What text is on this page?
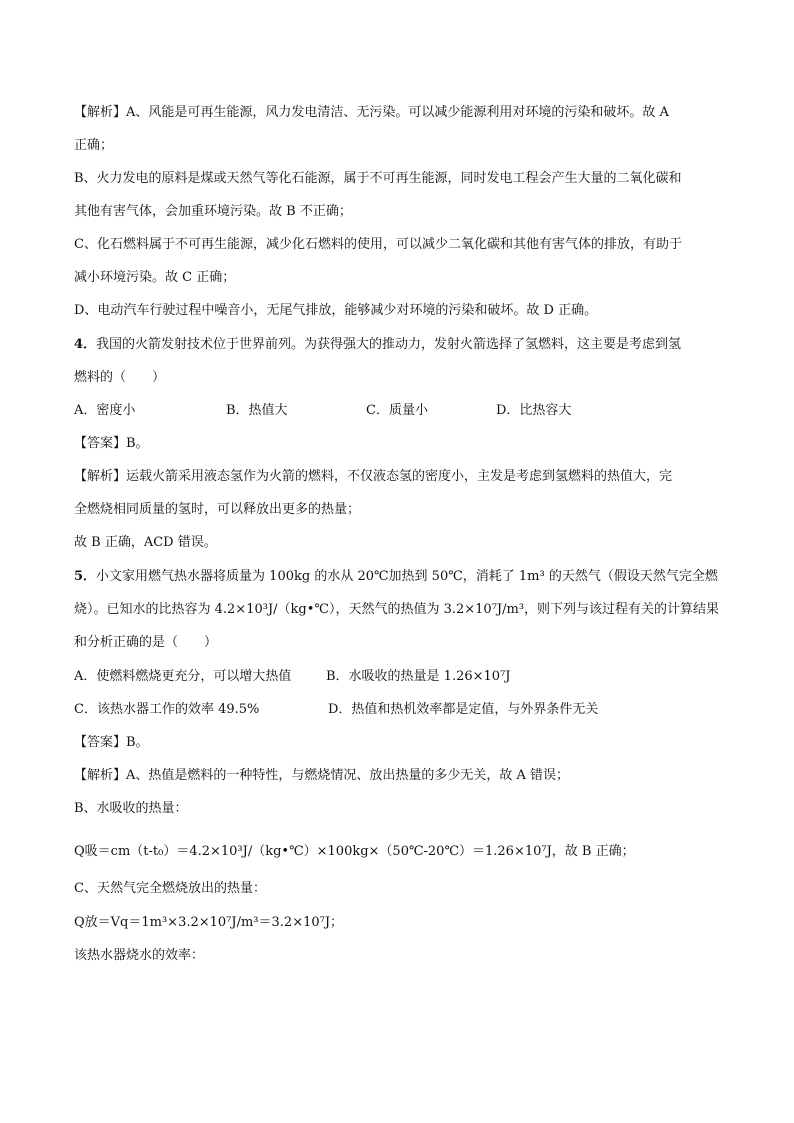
【解析】A、风能是可再生能源，风力发电清洁、无污染。可以减少能源利用对环境的污染和破坏。故 A
正确；
B、火力发电的原料是煤或天然气等化石能源，属于不可再生能源，同时发电工程会产生大量的二氧化碳和
其他有害气体，会加重环境污染。故 B 不正确；
C、化石燃料属于不可再生能源，减少化石燃料的使用，可以减少二氧化碳和其他有害气体的排放，有助于
减小环境污染。故 C 正确；
D、电动汽车行驶过程中噪音小，无尾气排放，能够减少对环境的污染和破坏。故 D 正确。
4．我国的火箭发射技术位于世界前列。为获得强大的推动力，发射火箭选择了氢燃料，这主要是考虑到氢
燃料的（　　）
A．密度小	B．热值大	C．质量小	D．比热容大
【答案】B。
【解析】运载火箭采用液态氢作为火箭的燃料，不仅液态氢的密度小，主发是考虑到氢燃料的热值大，完
全燃烧相同质量的氢时，可以释放出更多的热量；
故 B 正确，ACD 错误。
5．小文家用燃气热水器将质量为 100kg 的水从 20℃加热到 50℃，消耗了 1m³ 的天然气（假设天然气完全燃
烧）。已知水的比热容为 4.2×10³J/（kg•℃），天然气的热值为 3.2×10⁷J/m³，则下列与该过程有关的计算结果
和分析正确的是（　　）
A．使燃料燃烧更充分，可以增大热值	B．水吸收的热量是 1.26×10⁷J
C．该热水器工作的效率 49.5%	D．热值和热机效率都是定值，与外界条件无关
【答案】B。
【解析】A、热值是燃料的一种特性，与燃烧情况、放出热量的多少无关，故 A 错误；
B、水吸收的热量：
Q吸＝cm（t-t₀）＝4.2×10³J/（kg•℃）×100kg×（50℃-20℃）＝1.26×10⁷J，故 B 正确；
C、天然气完全燃烧放出的热量：
Q放＝Vq＝1m³×3.2×10⁷J/m³＝3.2×10⁷J；
该热水器烧水的效率：
